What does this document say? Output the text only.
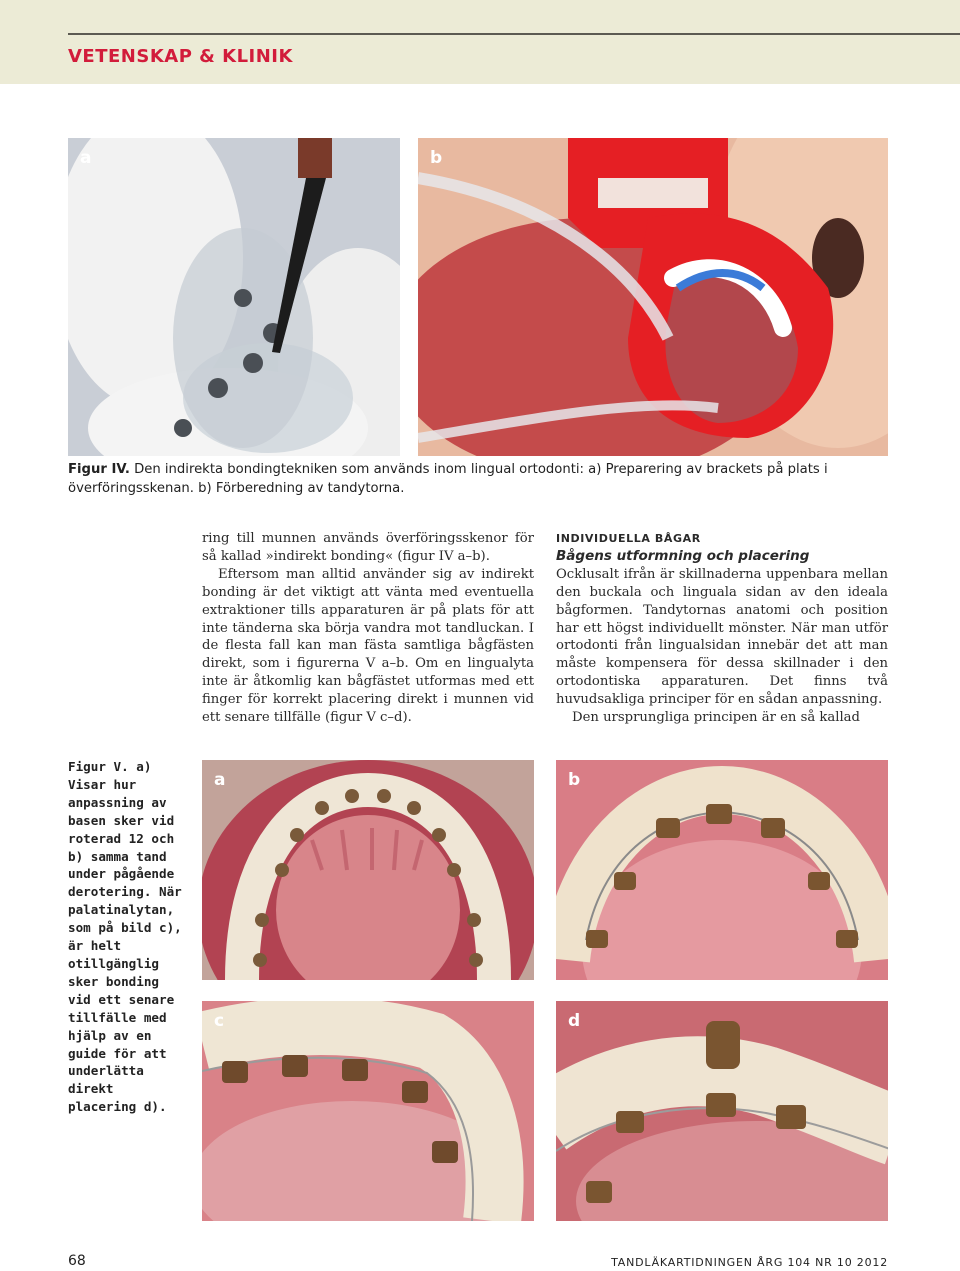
VETENSKAP & KLINIK
a	b
Figur IV. Den indirekta bondingtekniken som används inom lingual ortodonti: a) Preparering av brackets på plats i överföringsskenan. b) Förberedning av tandytorna.

ring till munnen används överföringsskenor för så kallad »indirekt bonding« (figur IV a–b).

Eftersom man alltid använder sig av indirekt bonding är det viktigt att vänta med eventuella extraktioner tills apparaturen är på plats för att inte tänderna ska börja vandra mot tandluckan. I de flesta fall kan man fästa samtliga bågfästen direkt, som i figurerna V a–b. Om en lingualyta inte är åtkomlig kan bågfästet utformas med ett finger för korrekt placering direkt i munnen vid ett senare tillfälle (figur V c–d).

INDIVIDUELLA BÅGAR

Bågens utformning och placering

Ocklusalt ifrån är skillnaderna uppenbara mellan den buckala och linguala sidan av den ideala bågformen. Tandytornas anatomi och position har ett högst individuellt mönster. När man utför ortodonti från lingualsidan innebär det att man måste kompensera för dessa skillnader i den ortodontiska apparaturen. Det finns två huvudsakliga principer för en sådan anpassning.

Den ursprungliga principen är en så kallad

Figur V. a) Visar hur anpassning av basen sker vid roterad 12 och b) samma tand under pågående derotering. När palatinalytan, som på bild c), är helt otillgänglig sker bonding vid ett senare tillfälle med hjälp av en guide för att underlätta direkt placering d).
a	b
c	d
68	TANDLÄKARTIDNINGEN ÅRG 104 NR 10 2012
